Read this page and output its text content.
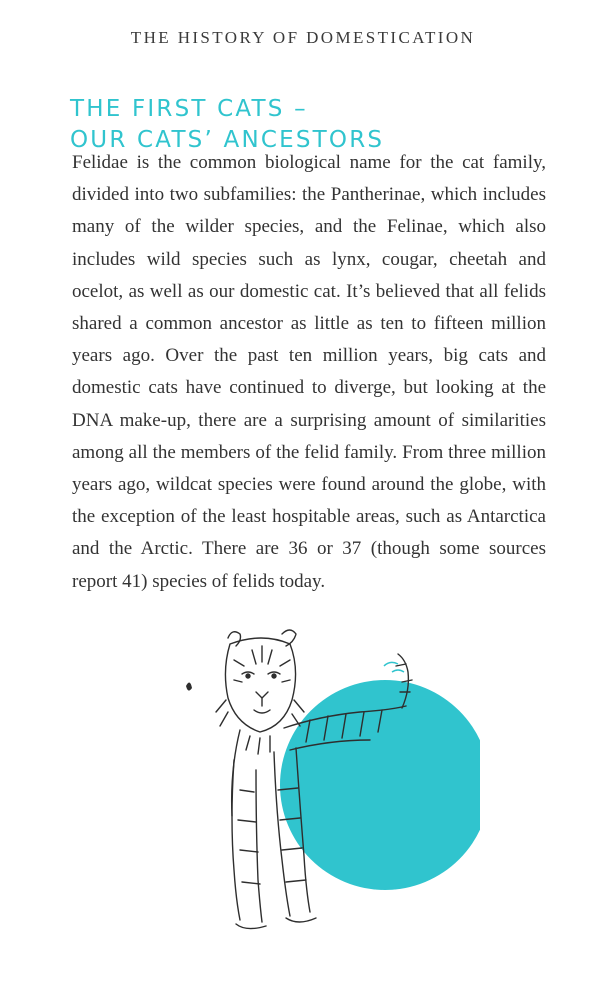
THE HISTORY OF DOMESTICATION
THE FIRST CATS –
OUR CATS’ ANCESTORS

Felidae is the common biological name for the cat family, divided into two subfamilies: the Pantherinae, which includes many of the wilder species, and the Felinae, which also includes wild species such as lynx, cougar, cheetah and ocelot, as well as our domestic cat. It’s believed that all felids shared a common ancestor as little as ten to fifteen million years ago. Over the past ten million years, big cats and domestic cats have continued to diverge, but looking at the DNA make-up, there are a surprising amount of similarities among all the members of the felid family. From three million years ago, wildcat species were found around the globe, with the exception of the least hospitable areas, such as Antarctica and the Arctic. There are 36 or 37 (though some sources report 41) species of felids today.
